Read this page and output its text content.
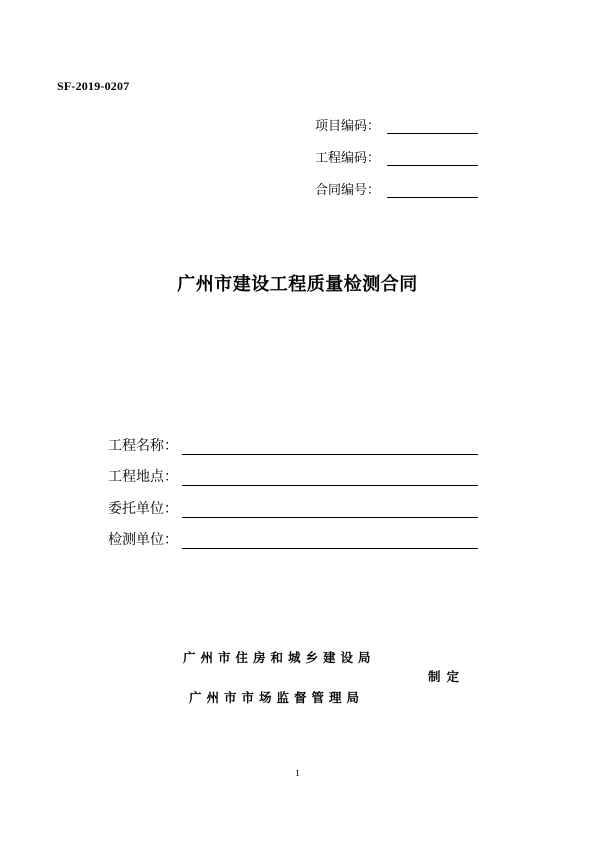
SF-2019-0207
项目编码：
工程编码：
合同编号：
广州市建设工程质量检测合同
工程名称：
工程地点：
委托单位：
检测单位：
广州市住房和城乡建设局
制定
广州市市场监督管理局
1
